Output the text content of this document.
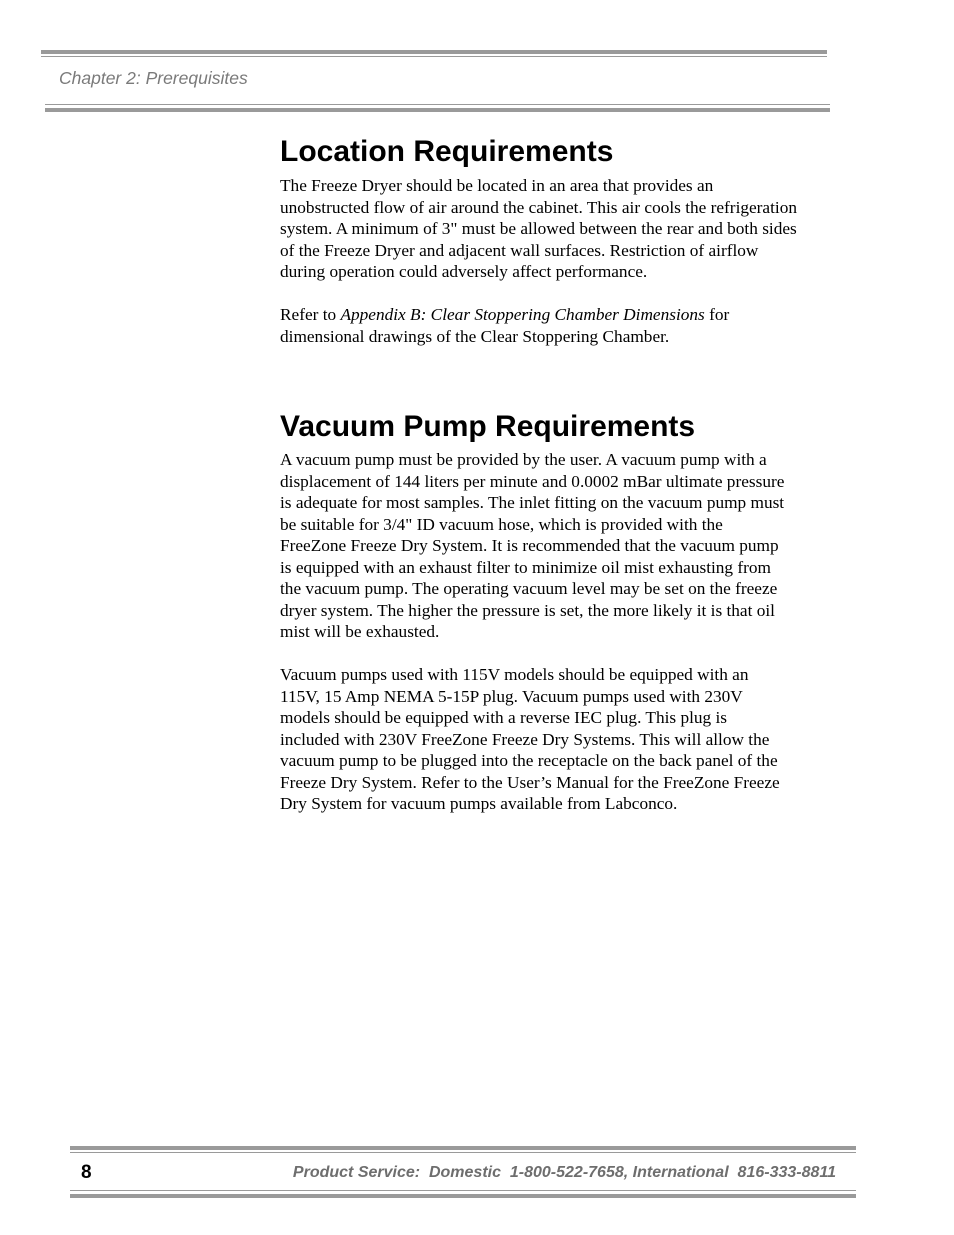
Chapter 2: Prerequisites
Location Requirements

The Freeze Dryer should be located in an area that provides an unobstructed flow of air around the cabinet. This air cools the refrigeration system. A minimum of 3" must be allowed between the rear and both sides of the Freeze Dryer and adjacent wall surfaces. Restriction of airflow during operation could adversely affect performance.

Refer to Appendix B: Clear Stoppering Chamber Dimensions for dimensional drawings of the Clear Stoppering Chamber.

Vacuum Pump Requirements

A vacuum pump must be provided by the user. A vacuum pump with a displacement of 144 liters per minute and 0.0002 mBar ultimate pressure is adequate for most samples. The inlet fitting on the vacuum pump must be suitable for 3/4" ID vacuum hose, which is provided with the FreeZone Freeze Dry System. It is recommended that the vacuum pump is equipped with an exhaust filter to minimize oil mist exhausting from the vacuum pump. The operating vacuum level may be set on the freeze dryer system. The higher the pressure is set, the more likely it is that oil mist will be exhausted.

Vacuum pumps used with 115V models should be equipped with an 115V, 15 Amp NEMA 5-15P plug. Vacuum pumps used with 230V models should be equipped with a reverse IEC plug. This plug is included with 230V FreeZone Freeze Dry Systems. This will allow the vacuum pump to be plugged into the receptacle on the back panel of the Freeze Dry System. Refer to the User’s Manual for the FreeZone Freeze Dry System for vacuum pumps available from Labconco.

8	Product Service:  Domestic  1-800-522-7658, International  816-333-8811
